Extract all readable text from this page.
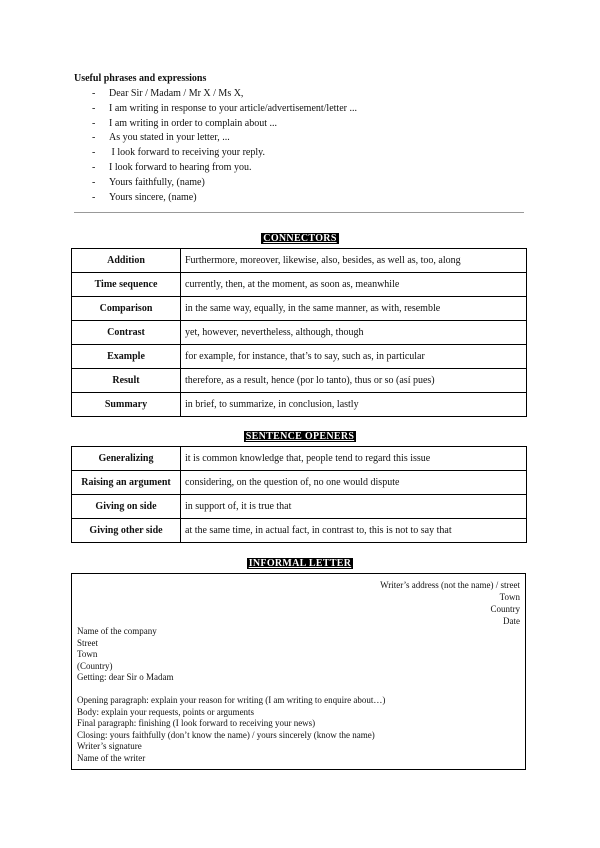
Useful phrases and expressions
- Dear Sir / Madam / Mr X / Ms X,
- I am writing in response to your article/advertisement/letter ...
- I am writing in order to complain about ...
- As you stated in your letter, ...
- I look forward to receiving your reply.
- I look forward to hearing from you.
- Yours faithfully, (name)
- Yours sincere, (name)
CONNECTORS
Addition	Furthermore, moreover, likewise, also, besides, as well as, too, along
Time sequence	currently, then, at the moment, as soon as, meanwhile
Comparison	in the same way, equally, in the same manner, as with, resemble
Contrast	yet, however, nevertheless, although, though
Example	for example, for instance, that’s to say, such as, in particular
Result	therefore, as a result, hence (por lo tanto), thus or so (así pues)
Summary	in brief, to summarize, in conclusion, lastly
SENTENCE OPENERS
Generalizing	it is common knowledge that, people tend to regard this issue
Raising an argument	considering, on the question of, no one would dispute
Giving on side	in support of, it is true that
Giving other side	at the same time, in actual fact, in contrast to, this is not to say that
INFORMAL LETTER
Writer’s address (not the name) / street
Town
Country
Date
Name of the company
Street
Town
(Country)
Getting: dear Sir o Madam
Opening paragraph: explain your reason for writing (I am writing to enquire about…)
Body: explain your requests, points or arguments
Final paragraph: finishing (I look forward to receiving your news)
Closing: yours faithfully (don’t know the name) / yours sincerely (know the name)
Writer’s signature
Name of the writer
